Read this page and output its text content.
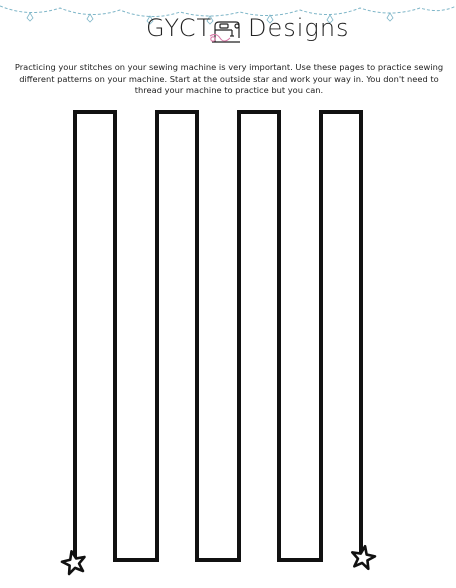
GYCT Designs

Practicing your stitches on your sewing machine is very important. Use these pages to practice sewing different patterns on your machine. Start at the outside star and work your way in. You don't need to thread your machine to practice but you can.
